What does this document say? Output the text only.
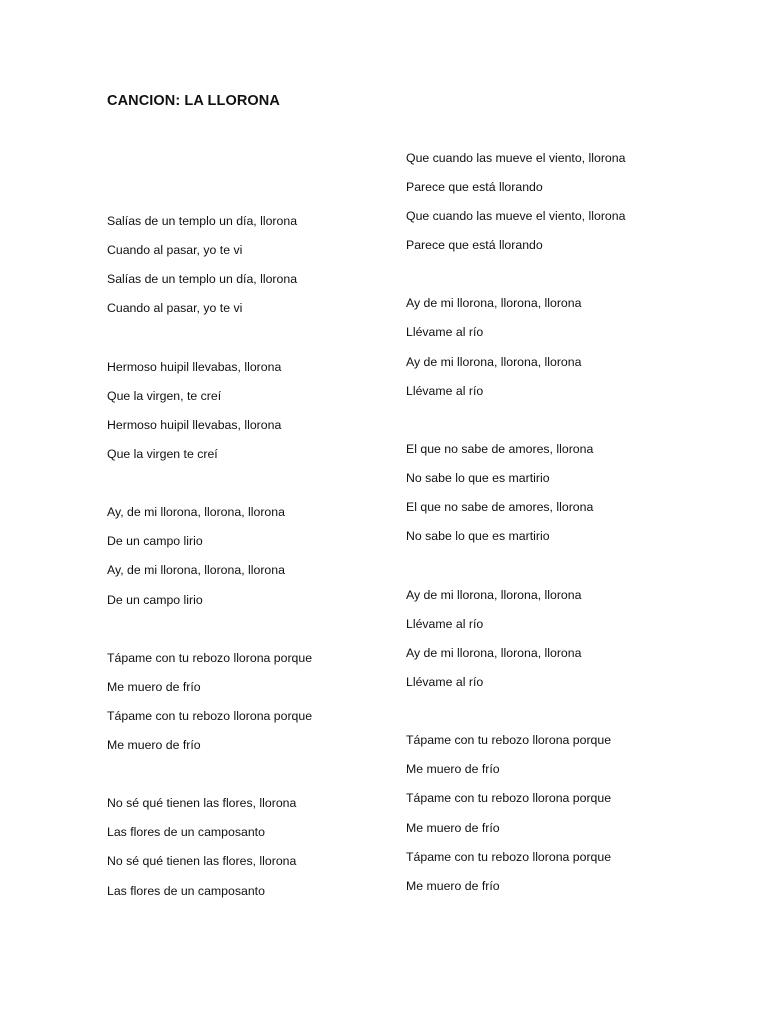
CANCION: LA LLORONA
Salías de un templo un día, llorona
Cuando al pasar, yo te vi
Salías de un templo un día, llorona
Cuando al pasar, yo te vi
Hermoso huipil llevabas, llorona
Que la virgen, te creí
Hermoso huipil llevabas, llorona
Que la virgen te creí
Ay, de mi llorona, llorona, llorona
De un campo lirio
Ay, de mi llorona, llorona, llorona
De un campo lirio
Tápame con tu rebozo llorona porque
Me muero de frío
Tápame con tu rebozo llorona porque
Me muero de frío
No sé qué tienen las flores, llorona
Las flores de un camposanto
No sé qué tienen las flores, llorona
Las flores de un camposanto
Que cuando las mueve el viento, llorona
Parece que está llorando
Que cuando las mueve el viento, llorona
Parece que está llorando
Ay de mi llorona, llorona, llorona
Llévame al río
Ay de mi llorona, llorona, llorona
Llévame al río
El que no sabe de amores, llorona
No sabe lo que es martirio
El que no sabe de amores, llorona
No sabe lo que es martirio
Ay de mi llorona, llorona, llorona
Llévame al río
Ay de mi llorona, llorona, llorona
Llévame al río
Tápame con tu rebozo llorona porque
Me muero de frío
Tápame con tu rebozo llorona porque
Me muero de frío
Tápame con tu rebozo llorona porque
Me muero de frío
